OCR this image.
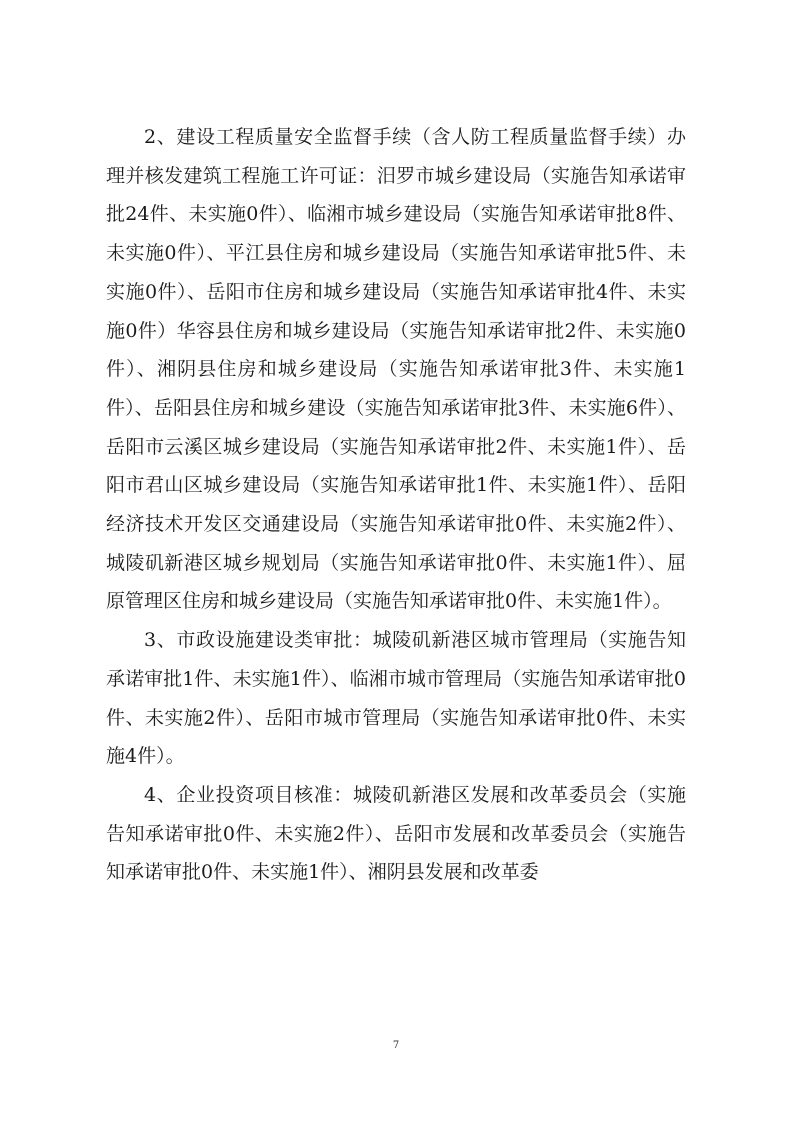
2、建设工程质量安全监督手续（含人防工程质量监督手续）办理并核发建筑工程施工许可证：汨罗市城乡建设局（实施告知承诺审批24件、未实施0件）、临湘市城乡建设局（实施告知承诺审批8件、未实施0件）、平江县住房和城乡建设局（实施告知承诺审批5件、未实施0件）、岳阳市住房和城乡建设局（实施告知承诺审批4件、未实施0件）华容县住房和城乡建设局（实施告知承诺审批2件、未实施0件）、湘阴县住房和城乡建设局（实施告知承诺审批3件、未实施1件）、岳阳县住房和城乡建设（实施告知承诺审批3件、未实施6件）、岳阳市云溪区城乡建设局（实施告知承诺审批2件、未实施1件）、岳阳市君山区城乡建设局（实施告知承诺审批1件、未实施1件）、岳阳经济技术开发区交通建设局（实施告知承诺审批0件、未实施2件）、城陵矶新港区城乡规划局（实施告知承诺审批0件、未实施1件）、屈原管理区住房和城乡建设局（实施告知承诺审批0件、未实施1件）。

3、市政设施建设类审批：城陵矶新港区城市管理局（实施告知承诺审批1件、未实施1件）、临湘市城市管理局（实施告知承诺审批0件、未实施2件）、岳阳市城市管理局（实施告知承诺审批0件、未实施4件）。

4、企业投资项目核准：城陵矶新港区发展和改革委员会（实施告知承诺审批0件、未实施2件）、岳阳市发展和改革委员会（实施告知承诺审批0件、未实施1件）、湘阴县发展和改革委

7
